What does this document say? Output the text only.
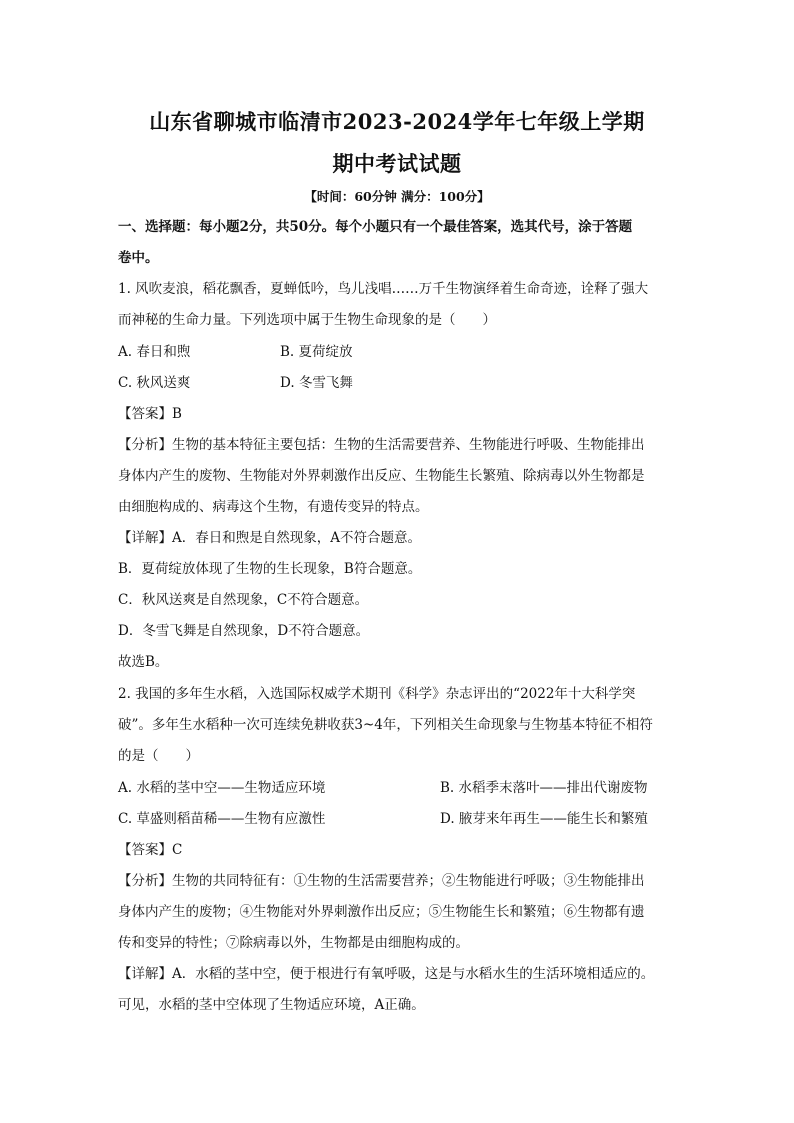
山东省聊城市临清市2023-2024学年七年级上学期
期中考试试题
【时间：60分钟 满分：100分】
一、选择题：每小题2分，共50分。每个小题只有一个最佳答案，选其代号，涂于答题
卷中。
1. 风吹麦浪，稻花飘香，夏蝉低吟，鸟儿浅唱……万千生物演绎着生命奇迹，诠释了强大
而神秘的生命力量。下列选项中属于生物生命现象的是（　　）
A. 春日和煦	B. 夏荷绽放
C. 秋风送爽	D. 冬雪飞舞
【答案】B
【分析】生物的基本特征主要包括：生物的生活需要营养、生物能进行呼吸、生物能排出
身体内产生的废物、生物能对外界刺激作出反应、生物能生长繁殖、除病毒以外生物都是
由细胞构成的、病毒这个生物，有遗传变异的特点。
【详解】A．春日和煦是自然现象，A不符合题意。
B．夏荷绽放体现了生物的生长现象，B符合题意。
C．秋风送爽是自然现象，C不符合题意。
D．冬雪飞舞是自然现象，D不符合题意。
故选B。
2. 我国的多年生水稻，入选国际权威学术期刊《科学》杂志评出的“2022年十大科学突
破”。多年生水稻种一次可连续免耕收获3~4年，下列相关生命现象与生物基本特征不相符
的是（　　）
A. 水稻的茎中空——生物适应环境	B. 水稻季末落叶——排出代谢废物
C. 草盛则稻苗稀——生物有应激性	D. 腋芽来年再生——能生长和繁殖
【答案】C
【分析】生物的共同特征有：①生物的生活需要营养；②生物能进行呼吸；③生物能排出
身体内产生的废物；④生物能对外界刺激作出反应；⑤生物能生长和繁殖；⑥生物都有遗
传和变异的特性；⑦除病毒以外，生物都是由细胞构成的。
【详解】A．水稻的茎中空，便于根进行有氧呼吸，这是与水稻水生的生活环境相适应的。
可见，水稻的茎中空体现了生物适应环境，A正确。
